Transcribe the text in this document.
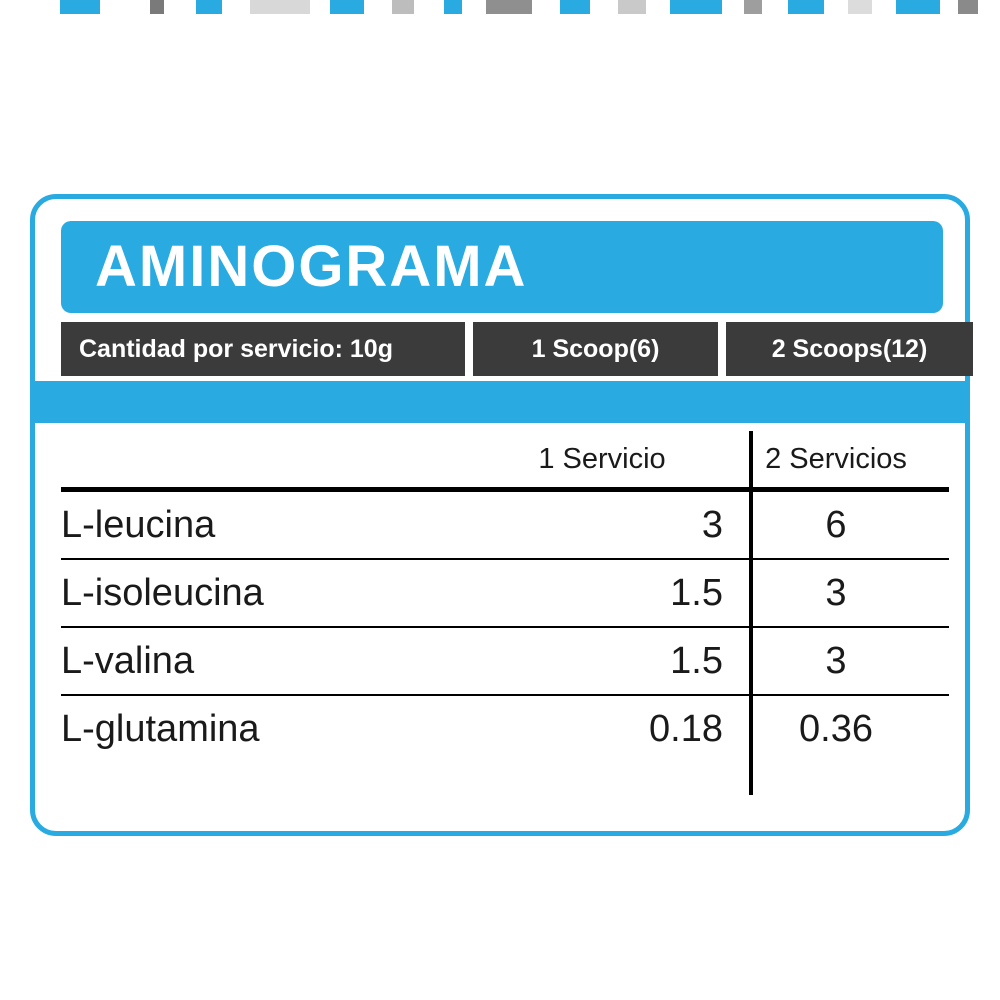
AMINOGRAMA
Cantidad por servicio: 10g	1 Scoop(6)	2 Scoops(12)
	1 Servicio	2 Servicios

L-leucina	3	6
L-isoleucina	1.5	3
L-valina	1.5	3
L-glutamina	0.18	0.36
